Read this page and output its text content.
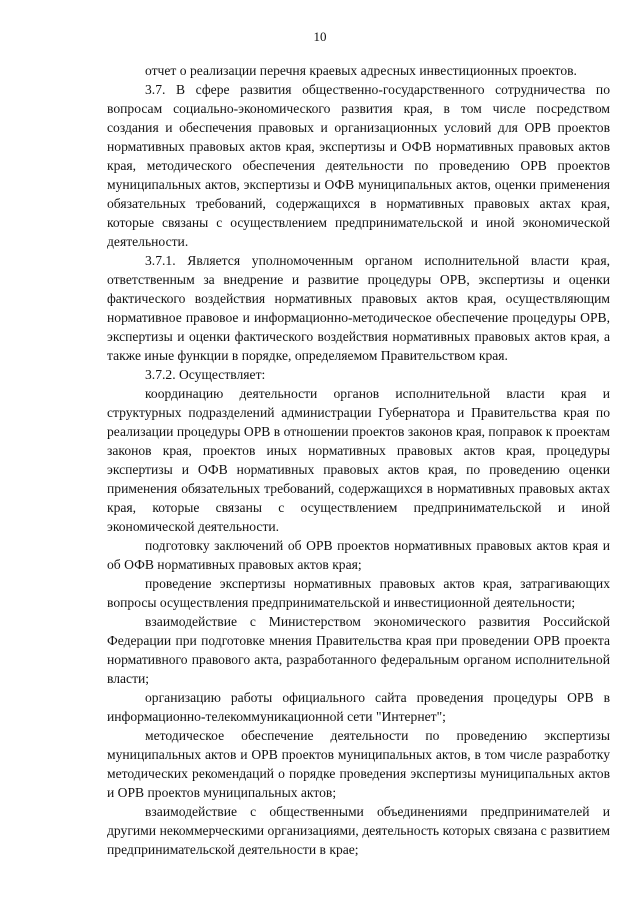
10

отчет о реализации перечня краевых адресных инвестиционных проектов.

3.7. В сфере развития общественно-государственного сотрудничества по вопросам социально-экономического развития края, в том числе посредством создания и обеспечения правовых и организационных условий для ОРВ проектов нормативных правовых актов края, экспертизы и ОФВ нормативных правовых актов края, методического обеспечения деятельности по проведению ОРВ проектов муниципальных актов, экспертизы и ОФВ муниципальных актов, оценки применения обязательных требований, содержащихся в нормативных правовых актах края, которые связаны с осуществлением предпринимательской и иной экономической деятельности.

3.7.1. Является уполномоченным органом исполнительной власти края, ответственным за внедрение и развитие процедуры ОРВ, экспертизы и оценки фактического воздействия нормативных правовых актов края, осуществляющим нормативное правовое и информационно-методическое обеспечение процедуры ОРВ, экспертизы и оценки фактического воздействия нормативных правовых актов края, а также иные функции в порядке, определяемом Правительством края.

3.7.2. Осуществляет:

координацию деятельности органов исполнительной власти края и структурных подразделений администрации Губернатора и Правительства края по реализации процедуры ОРВ в отношении проектов законов края, поправок к проектам законов края, проектов иных нормативных правовых актов края, процедуры экспертизы и ОФВ нормативных правовых актов края, по проведению оценки применения обязательных требований, содержащихся в нормативных правовых актах края, которые связаны с осуществлением предпринимательской и иной экономической деятельности.

подготовку заключений об ОРВ проектов нормативных правовых актов края и об ОФВ нормативных правовых актов края;

проведение экспертизы нормативных правовых актов края, затрагивающих вопросы осуществления предпринимательской и инвестиционной деятельности;

взаимодействие с Министерством экономического развития Российской Федерации при подготовке мнения Правительства края при проведении ОРВ проекта нормативного правового акта, разработанного федеральным органом исполнительной власти;

организацию работы официального сайта проведения процедуры ОРВ в информационно-телекоммуникационной сети "Интернет";

методическое обеспечение деятельности по проведению экспертизы муниципальных актов и ОРВ проектов муниципальных актов, в том числе разработку методических рекомендаций о порядке проведения экспертизы муниципальных актов и ОРВ проектов муниципальных актов;

взаимодействие с общественными объединениями предпринимателей и другими некоммерческими организациями, деятельность которых связана с развитием предпринимательской деятельности в крае;
